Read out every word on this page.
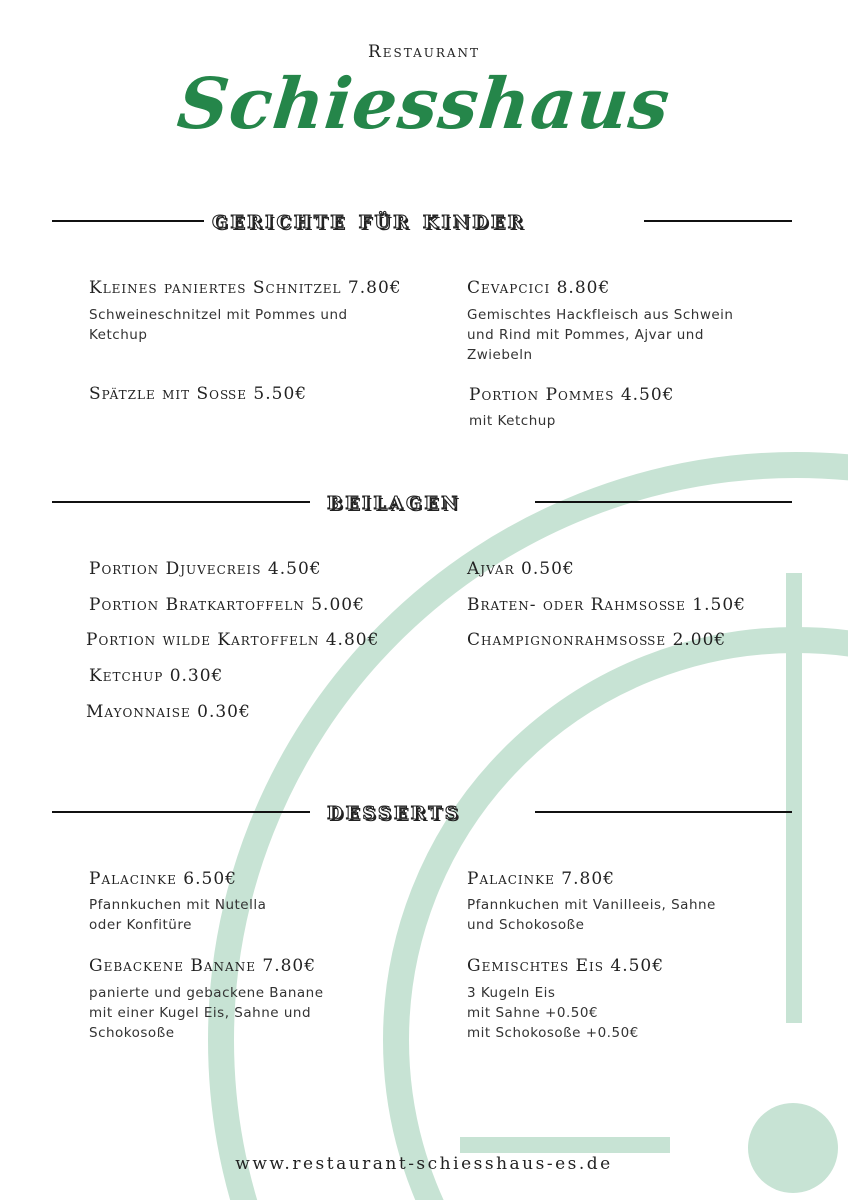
Restaurant
Schiesshaus
gerichte für kinder
Kleines paniertes Schnitzel 7.80€
Schweineschnitzel mit Pommes und
Ketchup
Cevapcici 8.80€
Gemischtes Hackfleisch aus Schwein
und Rind mit Pommes, Ajvar und
Zwiebeln
Spätzle mit Soße 5.50€	Portion Pommes 4.50€
mit Ketchup
beilagen
Portion Djuvecreis 4.50€	Ajvar 0.50€
Portion Bratkartoffeln 5.00€	Braten- oder Rahmsoße 1.50€
Portion wilde Kartoffeln 4.80€	Champignonrahmsoße 2.00€
Ketchup 0.30€
Mayonnaise 0.30€
desserts
Palacinke 6.50€
Pfannkuchen mit Nutella
oder Konfitüre
Palacinke 7.80€
Pfannkuchen mit Vanilleeis, Sahne
und Schokosoße
Gebackene Banane 7.80€
panierte und gebackene Banane
mit einer Kugel Eis, Sahne und
Schokosoße
Gemischtes Eis 4.50€
3 Kugeln Eis
mit Sahne +0.50€
mit Schokosoße +0.50€
www.restaurant-schiesshaus-es.de
